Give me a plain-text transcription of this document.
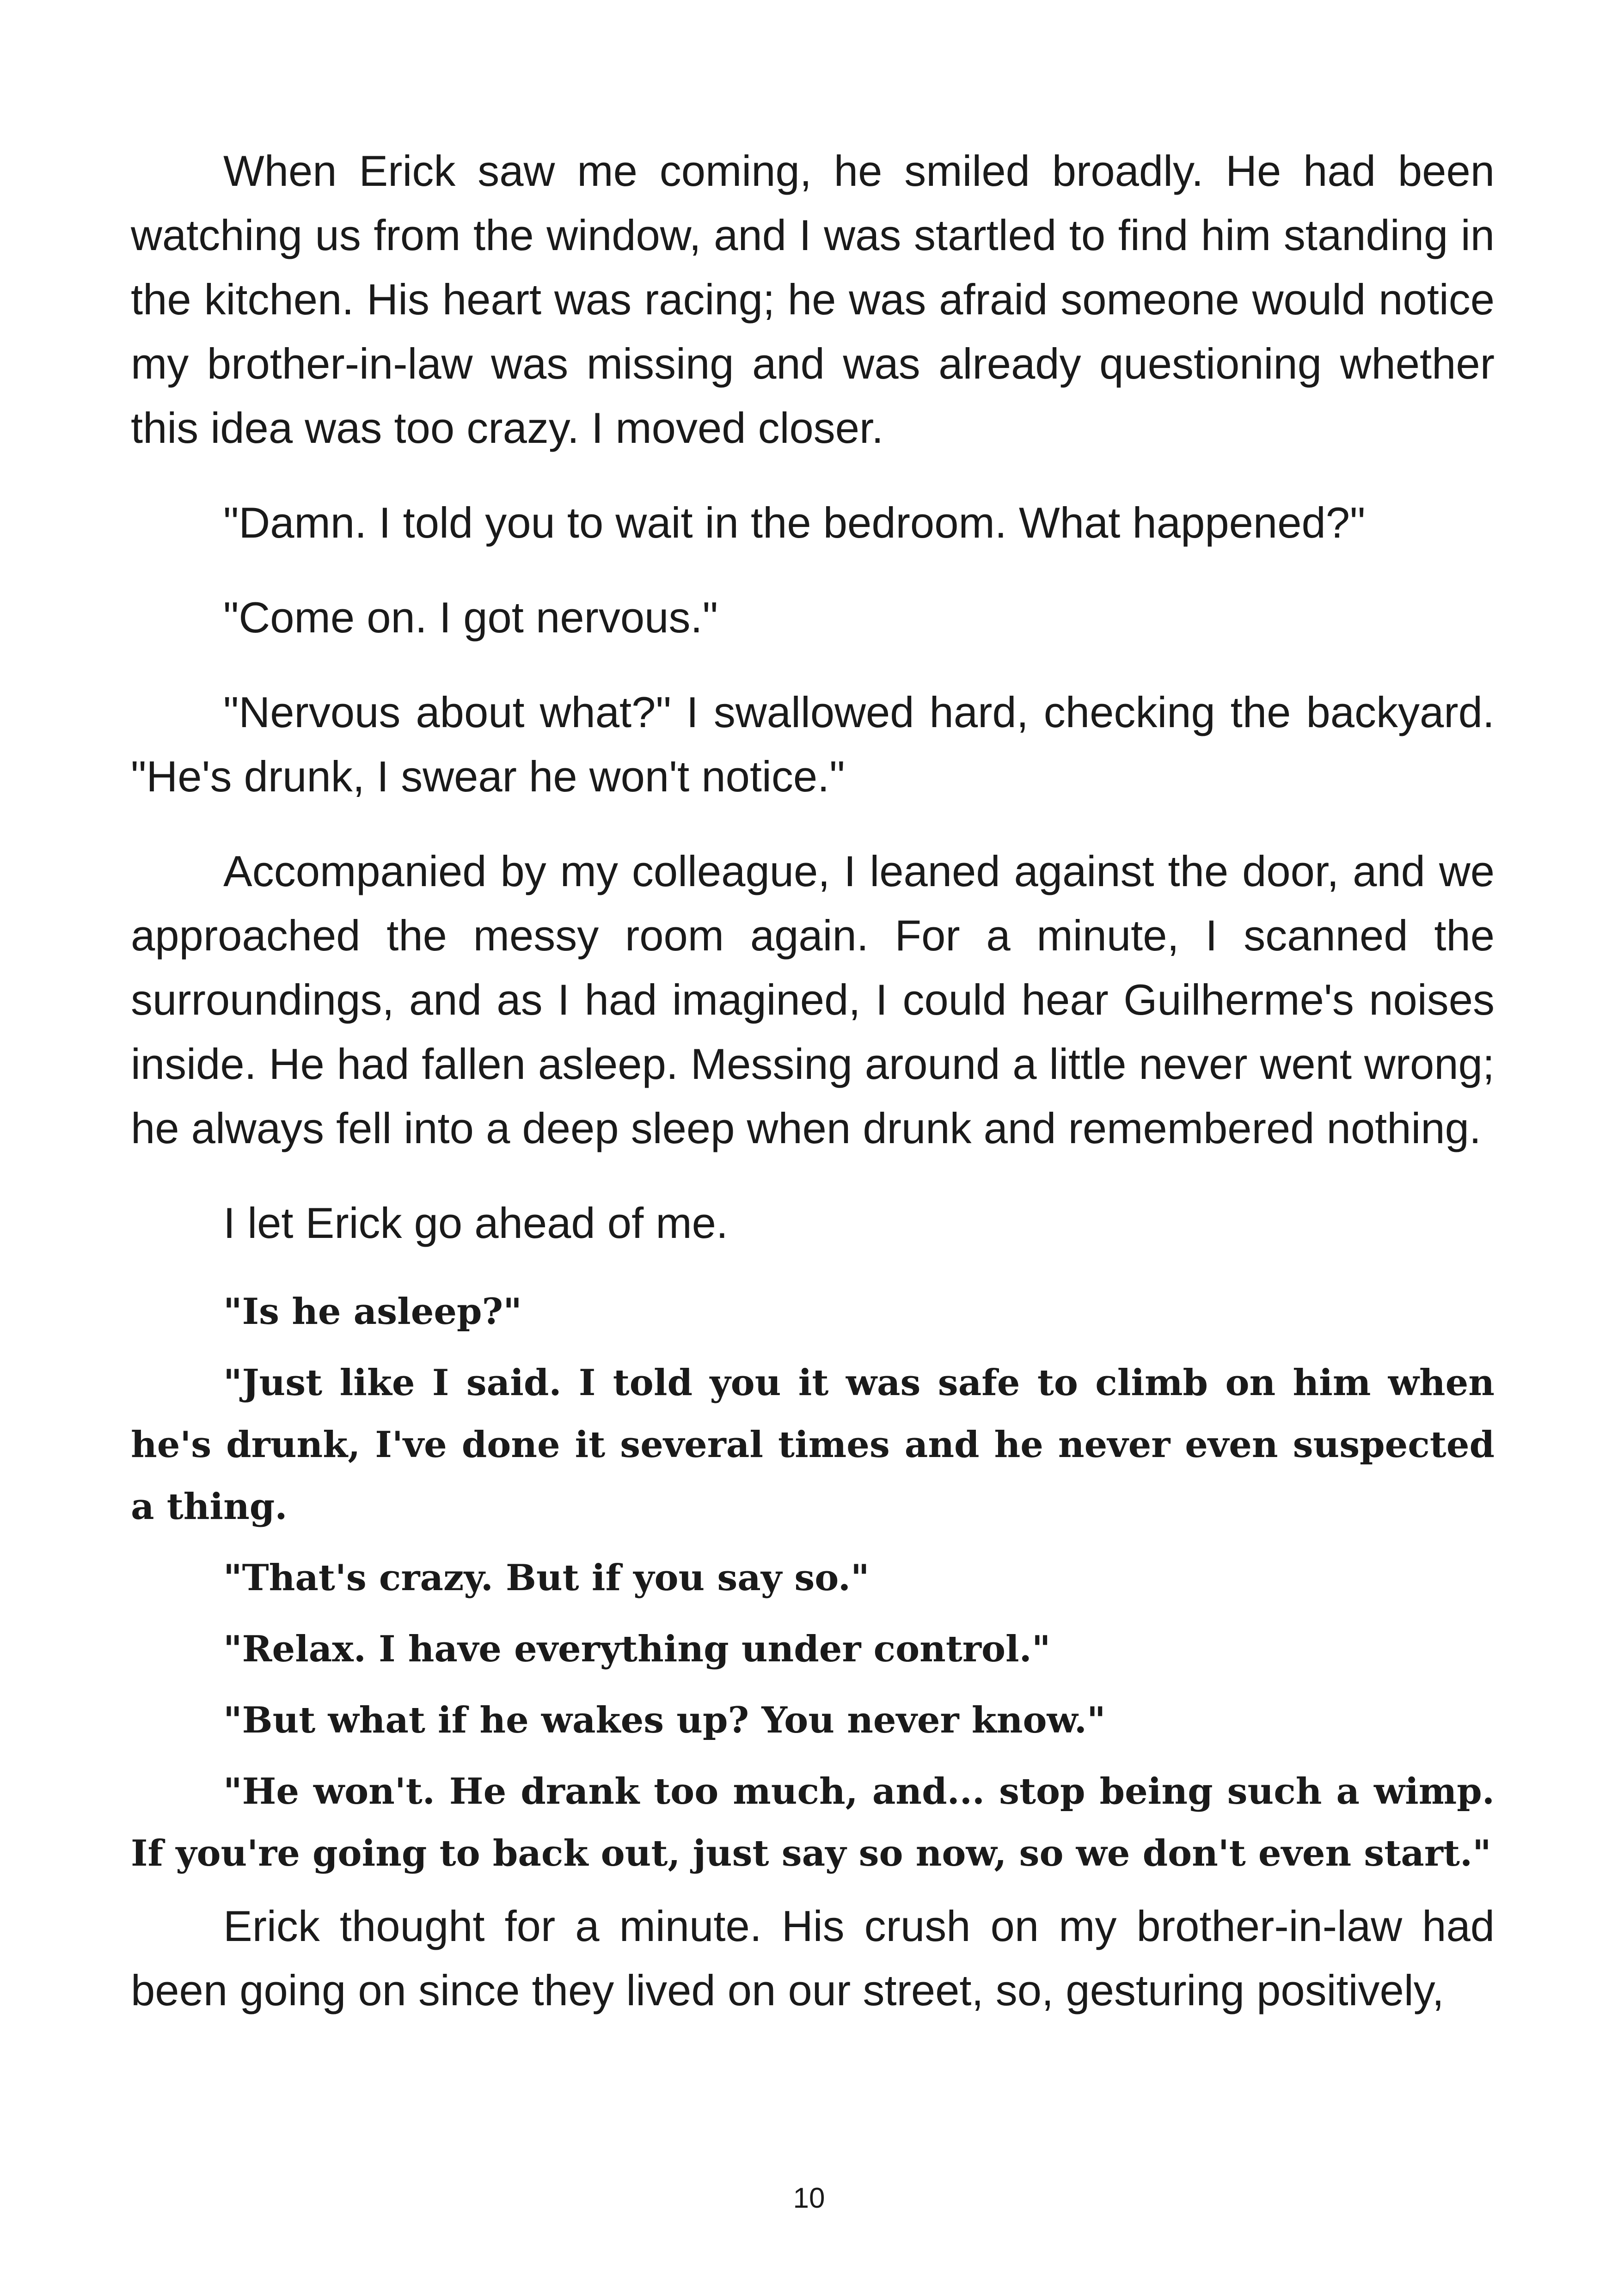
When Erick saw me coming, he smiled broadly. He had been watching us from the window, and I was startled to find him standing in the kitchen. His heart was racing; he was afraid someone would notice my brother-in-law was missing and was already questioning whether this idea was too crazy. I moved closer.

"Damn. I told you to wait in the bedroom. What happened?"

"Come on. I got nervous."

"Nervous about what?" I swallowed hard, checking the backyard. "He's drunk, I swear he won't notice."

Accompanied by my colleague, I leaned against the door, and we approached the messy room again. For a minute, I scanned the surroundings, and as I had imagined, I could hear Guilherme's noises inside. He had fallen asleep. Messing around a little never went wrong; he always fell into a deep sleep when drunk and remembered nothing.

I let Erick go ahead of me.

"Is he asleep?"

"Just like I said. I told you it was safe to climb on him when he's drunk, I've done it several times and he never even suspected a thing.

"That's crazy. But if you say so."

"Relax. I have everything under control."

"But what if he wakes up? You never know."

"He won't. He drank too much, and... stop being such a wimp. If you're going to back out, just say so now, so we don't even start."

Erick thought for a minute. His crush on my brother-in-law had been going on since they lived on our street, so, gesturing positively,

10
